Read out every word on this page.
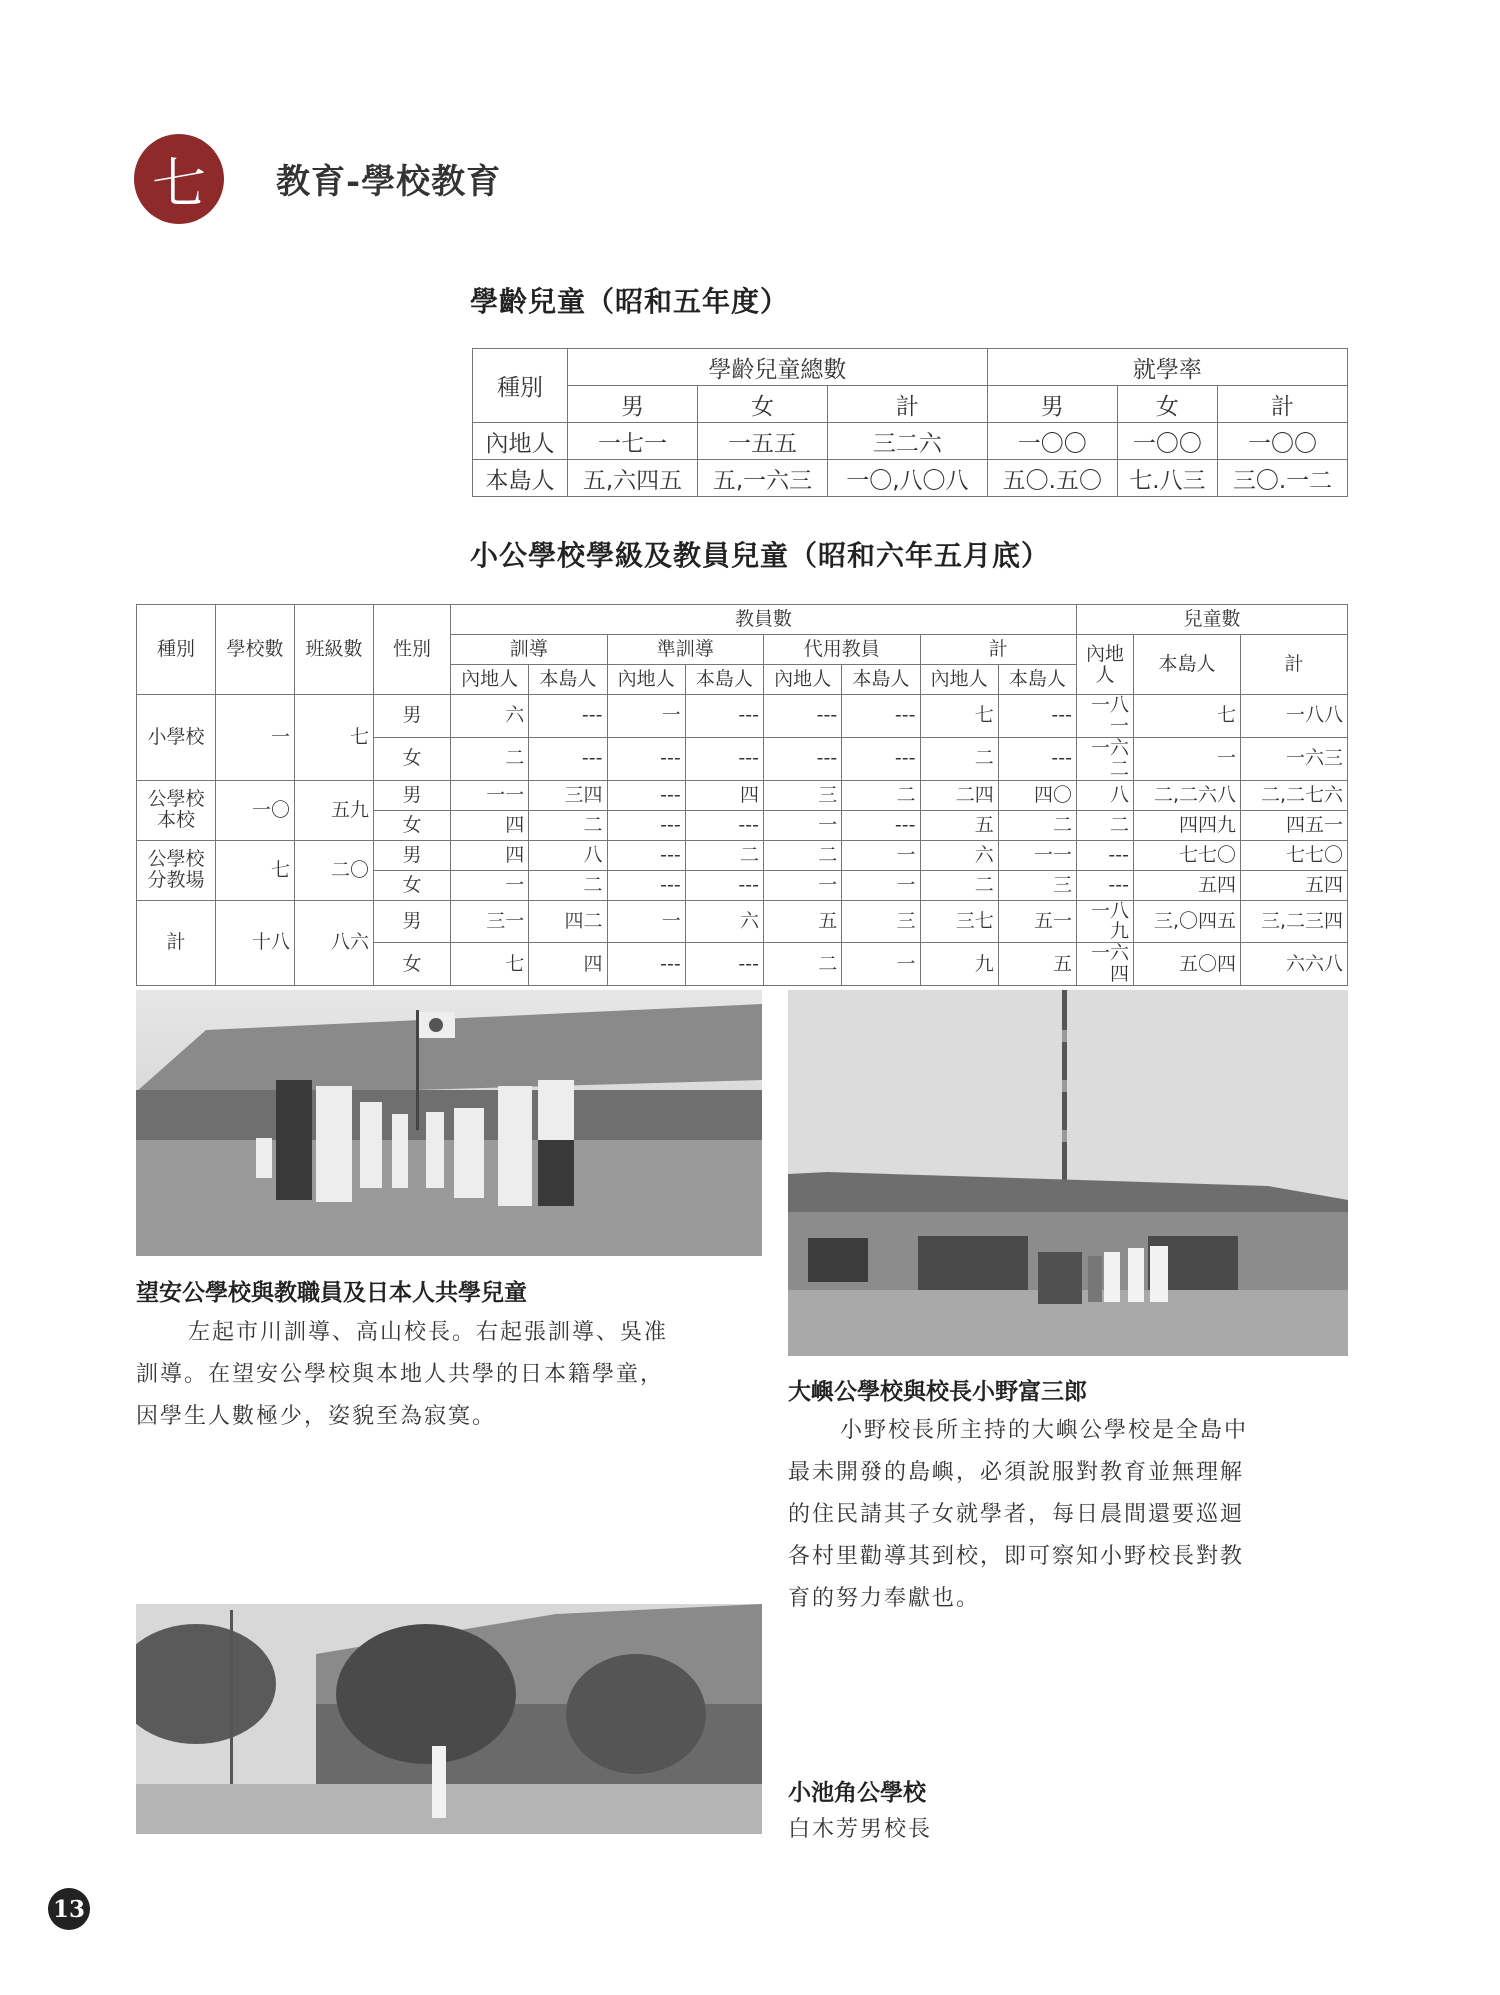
七	教育-學校教育
學齡兒童（昭和五年度）
種別	學齡兒童總數			就學率		
	男	女	計	男	女	計
內地人	一七一	一五五	三二六	一〇〇	一〇〇	一〇〇
本島人	五,六四五	五,一六三	一〇,八〇八	五〇.五〇	七.八三	三〇.一二
小公學校學級及教員兒童（昭和六年五月底）
種別	學校數	班級數	性別	教員數								兒童數		
				訓導		準訓導		代用教員		計		內地人	本島人	計
				內地人	本島人	內地人	本島人	內地人	本島人	內地人	本島人			
小學校	一	七	男	六	---	一	---	---	---	七	---	一八一	七	一八八
			女	二	---	---	---	---	---	二	---	一六二	一	一六三
公學校本校	一〇	五九	男	一一	三四	---	四	三	二	二四	四〇	八	二,二六八	二,二七六
			女	四	二	---	---	一	---	五	二	二	四四九	四五一
公學校分教場	七	二〇	男	四	八	---	二	二	一	六	一一	---	七七〇	七七〇
			女	一	二	---	---	一	一	二	三	---	五四	五四
計	十八	八六	男	三一	四二	一	六	五	三	三七	五一	一八九	三,〇四五	三,二三四
			女	七	四	---	---	二	一	九	五	一六四	五〇四	六六八
望安公學校與教職員及日本人共學兒童
左起市川訓導、高山校長。右起張訓導、吳准
訓導。在望安公學校與本地人共學的日本籍學童，
因學生人數極少，姿貌至為寂寞。
大嶼公學校與校長小野富三郎
小野校長所主持的大嶼公學校是全島中
最未開發的島嶼，必須說服對教育並無理解
的住民請其子女就學者，每日晨間還要巡迴
各村里勸導其到校，即可察知小野校長對教
育的努力奉獻也。
小池角公學校
白木芳男校長
13
